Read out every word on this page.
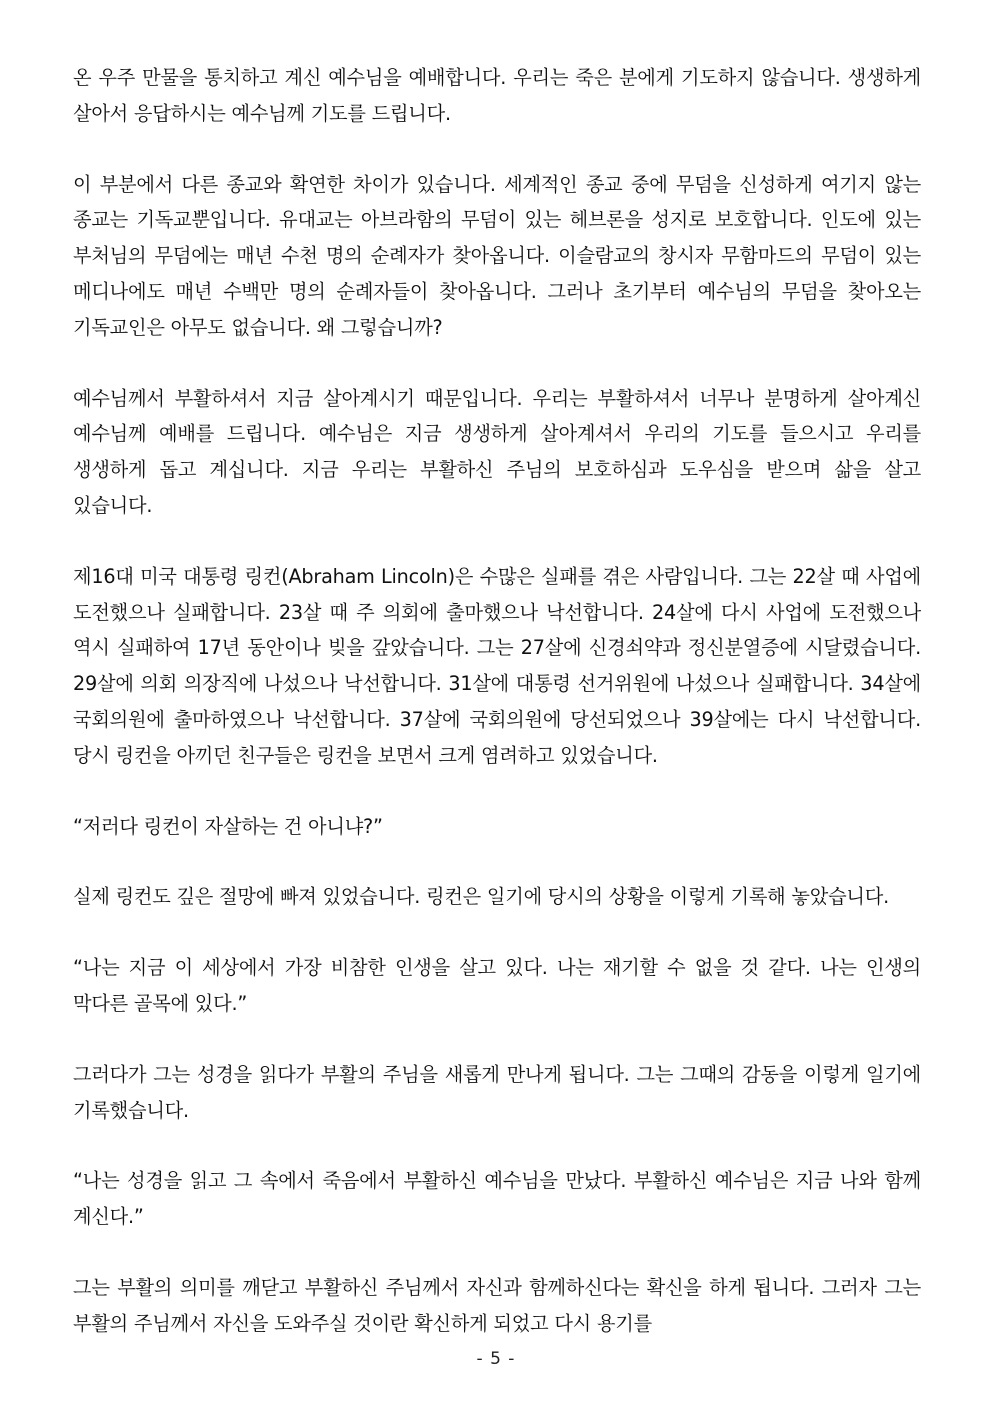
온 우주 만물을 통치하고 계신 예수님을 예배합니다. 우리는 죽은 분에게 기도하지 않습니다. 생생하게 살아서 응답하시는 예수님께 기도를 드립니다.

이 부분에서 다른 종교와 확연한 차이가 있습니다. 세계적인 종교 중에 무덤을 신성하게 여기지 않는 종교는 기독교뿐입니다. 유대교는 아브라함의 무덤이 있는 헤브론을 성지로 보호합니다. 인도에 있는 부처님의 무덤에는 매년 수천 명의 순례자가 찾아옵니다. 이슬람교의 창시자 무함마드의 무덤이 있는 메디나에도 매년 수백만 명의 순례자들이 찾아옵니다. 그러나 초기부터 예수님의 무덤을 찾아오는 기독교인은 아무도 없습니다. 왜 그렇습니까?

예수님께서 부활하셔서 지금 살아계시기 때문입니다. 우리는 부활하셔서 너무나 분명하게 살아계신 예수님께 예배를 드립니다. 예수님은 지금 생생하게 살아계셔서 우리의 기도를 들으시고 우리를 생생하게 돕고 계십니다. 지금 우리는 부활하신 주님의 보호하심과 도우심을 받으며 삶을 살고 있습니다.

제16대 미국 대통령 링컨(Abraham Lincoln)은 수많은 실패를 겪은 사람입니다. 그는 22살 때 사업에 도전했으나 실패합니다. 23살 때 주 의회에 출마했으나 낙선합니다. 24살에 다시 사업에 도전했으나 역시 실패하여 17년 동안이나 빚을 갚았습니다. 그는 27살에 신경쇠약과 정신분열증에 시달렸습니다. 29살에 의회 의장직에 나섰으나 낙선합니다. 31살에 대통령 선거위원에 나섰으나 실패합니다. 34살에 국회의원에 출마하였으나 낙선합니다. 37살에 국회의원에 당선되었으나 39살에는 다시 낙선합니다. 당시 링컨을 아끼던 친구들은 링컨을 보면서 크게 염려하고 있었습니다.

“저러다 링컨이 자살하는 건 아니냐?”

실제 링컨도 깊은 절망에 빠져 있었습니다. 링컨은 일기에 당시의 상황을 이렇게 기록해 놓았습니다.

“나는 지금 이 세상에서 가장 비참한 인생을 살고 있다. 나는 재기할 수 없을 것 같다. 나는 인생의 막다른 골목에 있다.”

그러다가 그는 성경을 읽다가 부활의 주님을 새롭게 만나게 됩니다. 그는 그때의 감동을 이렇게 일기에 기록했습니다.

“나는 성경을 읽고 그 속에서 죽음에서 부활하신 예수님을 만났다. 부활하신 예수님은 지금 나와 함께 계신다.”

그는 부활의 의미를 깨닫고 부활하신 주님께서 자신과 함께하신다는 확신을 하게 됩니다. 그러자 그는 부활의 주님께서 자신을 도와주실 것이란 확신하게 되었고 다시 용기를

- 5 -
